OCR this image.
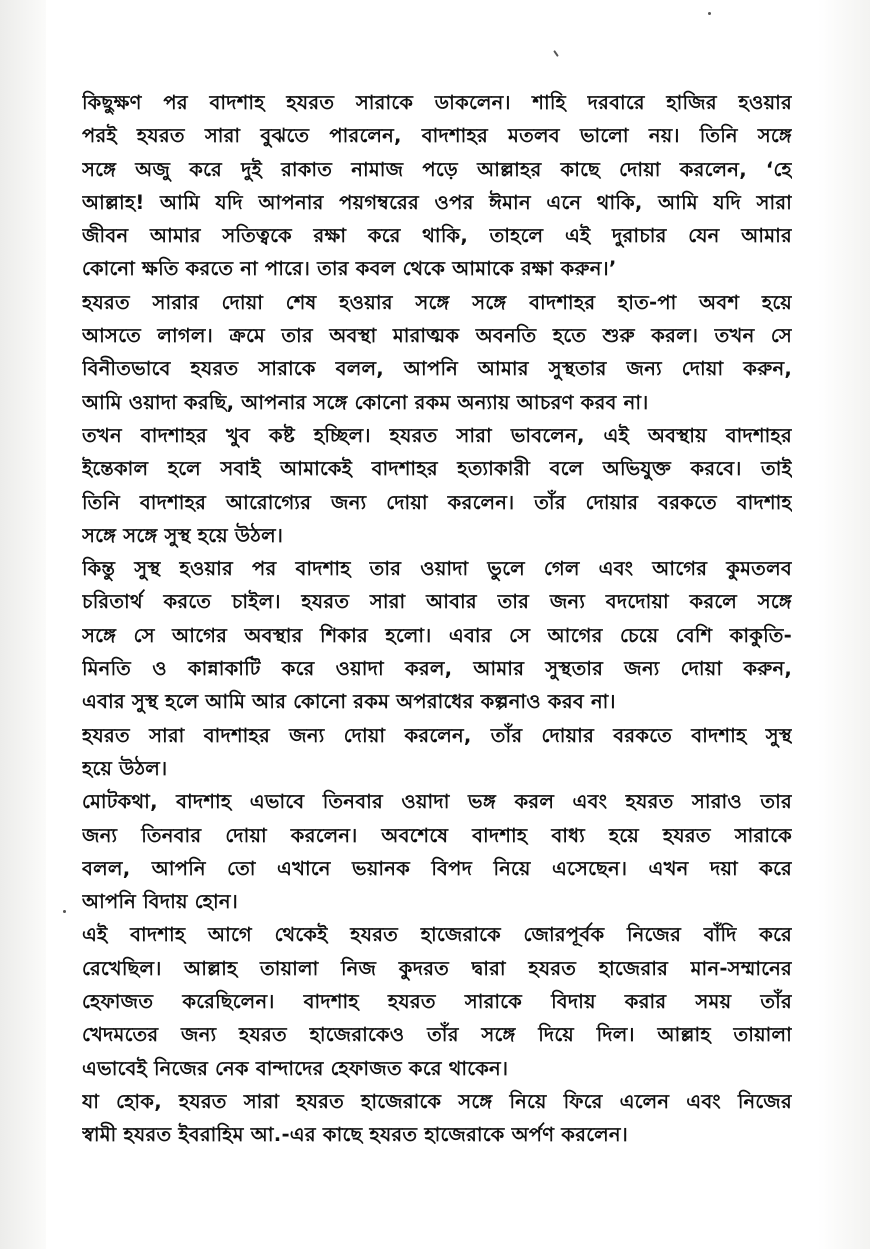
কিছুক্ষণ পর বাদশাহ হযরত সারাকে ডাকলেন। শাহি দরবারে হাজির হওয়ার
পরই হযরত সারা বুঝতে পারলেন, বাদশাহর মতলব ভালো নয়। তিনি সঙ্গে
সঙ্গে অজু করে দুই রাকাত নামাজ পড়ে আল্লাহর কাছে দোয়া করলেন, ‘হে
আল্লাহ! আমি যদি আপনার পয়গম্বরের ওপর ঈমান এনে থাকি, আমি যদি সারা
জীবন আমার সতিত্বকে রক্ষা করে থাকি, তাহলে এই দুরাচার যেন আমার
কোনো ক্ষতি করতে না পারে। তার কবল থেকে আমাকে রক্ষা করুন।’
হযরত সারার দোয়া শেষ হওয়ার সঙ্গে সঙ্গে বাদশাহর হাত-পা অবশ হয়ে
আসতে লাগল। ক্রমে তার অবস্থা মারাত্মক অবনতি হতে শুরু করল। তখন সে
বিনীতভাবে হযরত সারাকে বলল, আপনি আমার সুস্থতার জন্য দোয়া করুন,
আমি ওয়াদা করছি, আপনার সঙ্গে কোনো রকম অন্যায় আচরণ করব না।
তখন বাদশাহর খুব কষ্ট হচ্ছিল। হযরত সারা ভাবলেন, এই অবস্থায় বাদশাহর
ইন্তেকাল হলে সবাই আমাকেই বাদশাহর হত্যাকারী বলে অভিযুক্ত করবে। তাই
তিনি বাদশাহর আরোগ্যের জন্য দোয়া করলেন। তাঁর দোয়ার বরকতে বাদশাহ
সঙ্গে সঙ্গে সুস্থ হয়ে উঠল।
কিন্তু সুস্থ হওয়ার পর বাদশাহ তার ওয়াদা ভুলে গেল এবং আগের কুমতলব
চরিতার্থ করতে চাইল। হযরত সারা আবার তার জন্য বদদোয়া করলে সঙ্গে
সঙ্গে সে আগের অবস্থার শিকার হলো। এবার সে আগের চেয়ে বেশি কাকুতি-
মিনতি ও কান্নাকাটি করে ওয়াদা করল, আমার সুস্থতার জন্য দোয়া করুন,
এবার সুস্থ হলে আমি আর কোনো রকম অপরাধের কল্পনাও করব না।
হযরত সারা বাদশাহর জন্য দোয়া করলেন, তাঁর দোয়ার বরকতে বাদশাহ সুস্থ
হয়ে উঠল।
মোটকথা, বাদশাহ এভাবে তিনবার ওয়াদা ভঙ্গ করল এবং হযরত সারাও তার
জন্য তিনবার দোয়া করলেন। অবশেষে বাদশাহ বাধ্য হয়ে হযরত সারাকে
বলল, আপনি তো এখানে ভয়ানক বিপদ নিয়ে এসেছেন। এখন দয়া করে
আপনি বিদায় হোন।
এই বাদশাহ আগে থেকেই হযরত হাজেরাকে জোরপূর্বক নিজের বাঁদি করে
রেখেছিল। আল্লাহ তায়ালা নিজ কুদরত দ্বারা হযরত হাজেরার মান-সম্মানের
হেফাজত করেছিলেন। বাদশাহ হযরত সারাকে বিদায় করার সময় তাঁর
খেদমতের জন্য হযরত হাজেরাকেও তাঁর সঙ্গে দিয়ে দিল। আল্লাহ তায়ালা
এভাবেই নিজের নেক বান্দাদের হেফাজত করে থাকেন।
যা হোক, হযরত সারা হযরত হাজেরাকে সঙ্গে নিয়ে ফিরে এলেন এবং নিজের
স্বামী হযরত ইবরাহিম আ.-এর কাছে হযরত হাজেরাকে অর্পণ করলেন।
